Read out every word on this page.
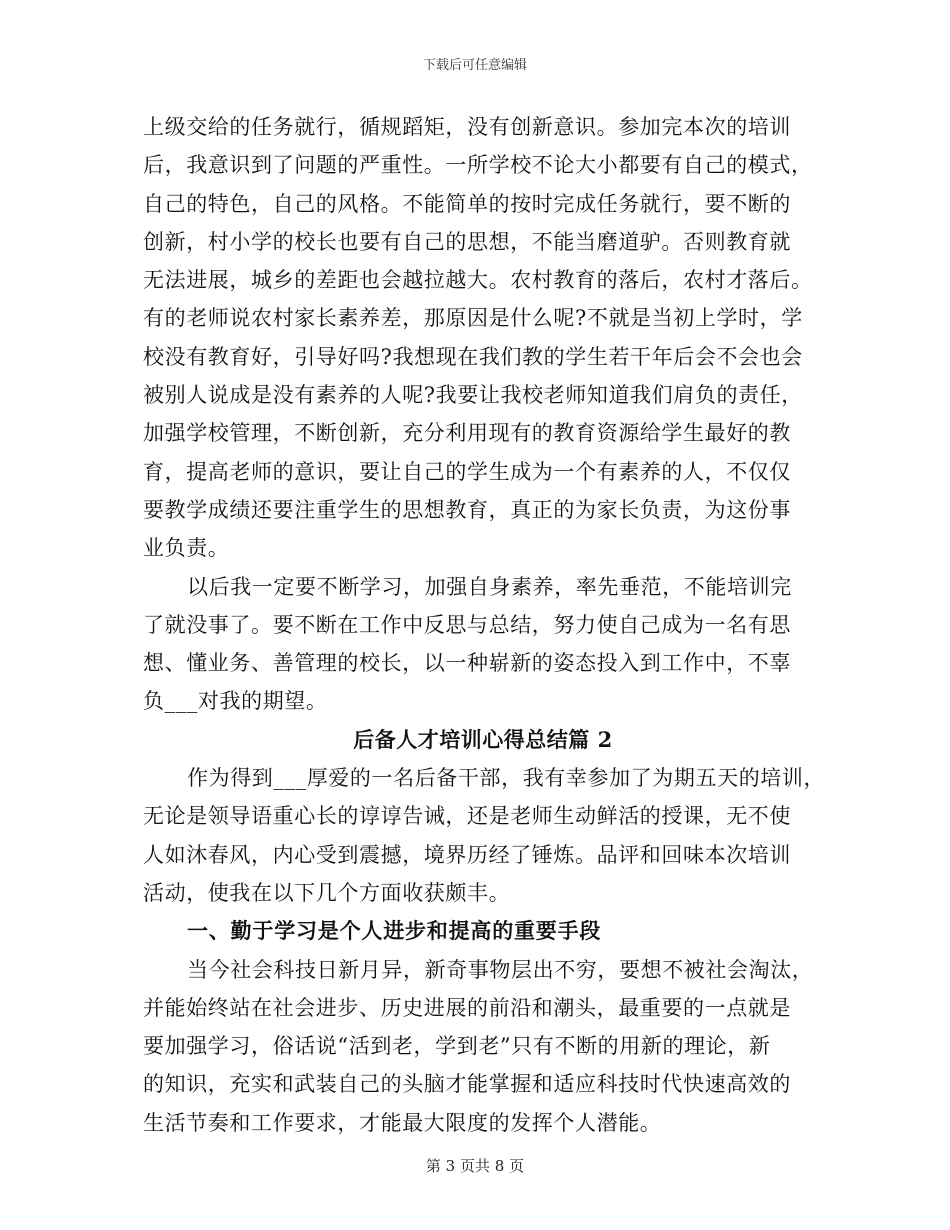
下载后可任意编辑
上级交给的任务就行，循规蹈矩，没有创新意识。参加完本次的培训
后，我意识到了问题的严重性。一所学校不论大小都要有自己的模式，
自己的特色，自己的风格。不能简单的按时完成任务就行，要不断的
创新，村小学的校长也要有自己的思想，不能当磨道驴。否则教育就
无法进展，城乡的差距也会越拉越大。农村教育的落后，农村才落后。
有的老师说农村家长素养差，那原因是什么呢?不就是当初上学时，学
校没有教育好，引导好吗?我想现在我们教的学生若干年后会不会也会
被别人说成是没有素养的人呢?我要让我校老师知道我们肩负的责任，
加强学校管理，不断创新，充分利用现有的教育资源给学生最好的教
育，提高老师的意识，要让自己的学生成为一个有素养的人，不仅仅
要教学成绩还要注重学生的思想教育，真正的为家长负责，为这份事
业负责。
以后我一定要不断学习，加强自身素养，率先垂范，不能培训完
了就没事了。要不断在工作中反思与总结，努力使自己成为一名有思
想、懂业务、善管理的校长，以一种崭新的姿态投入到工作中，不辜
负___对我的期望。
后备人才培训心得总结篇 2
作为得到___厚爱的一名后备干部，我有幸参加了为期五天的培训，
无论是领导语重心长的谆谆告诫，还是老师生动鲜活的授课，无不使
人如沐春风，内心受到震撼，境界历经了锤炼。品评和回味本次培训
活动，使我在以下几个方面收获颇丰。
一、勤于学习是个人进步和提高的重要手段
当今社会科技日新月异，新奇事物层出不穷，要想不被社会淘汰，
并能始终站在社会进步、历史进展的前沿和潮头，最重要的一点就是
要加强学习，俗话说“活到老，学到老”只有不断的用新的理论，新
的知识，充实和武装自己的头脑才能掌握和适应科技时代快速高效的
生活节奏和工作要求，才能最大限度的发挥个人潜能。
第 3 页共 8 页
